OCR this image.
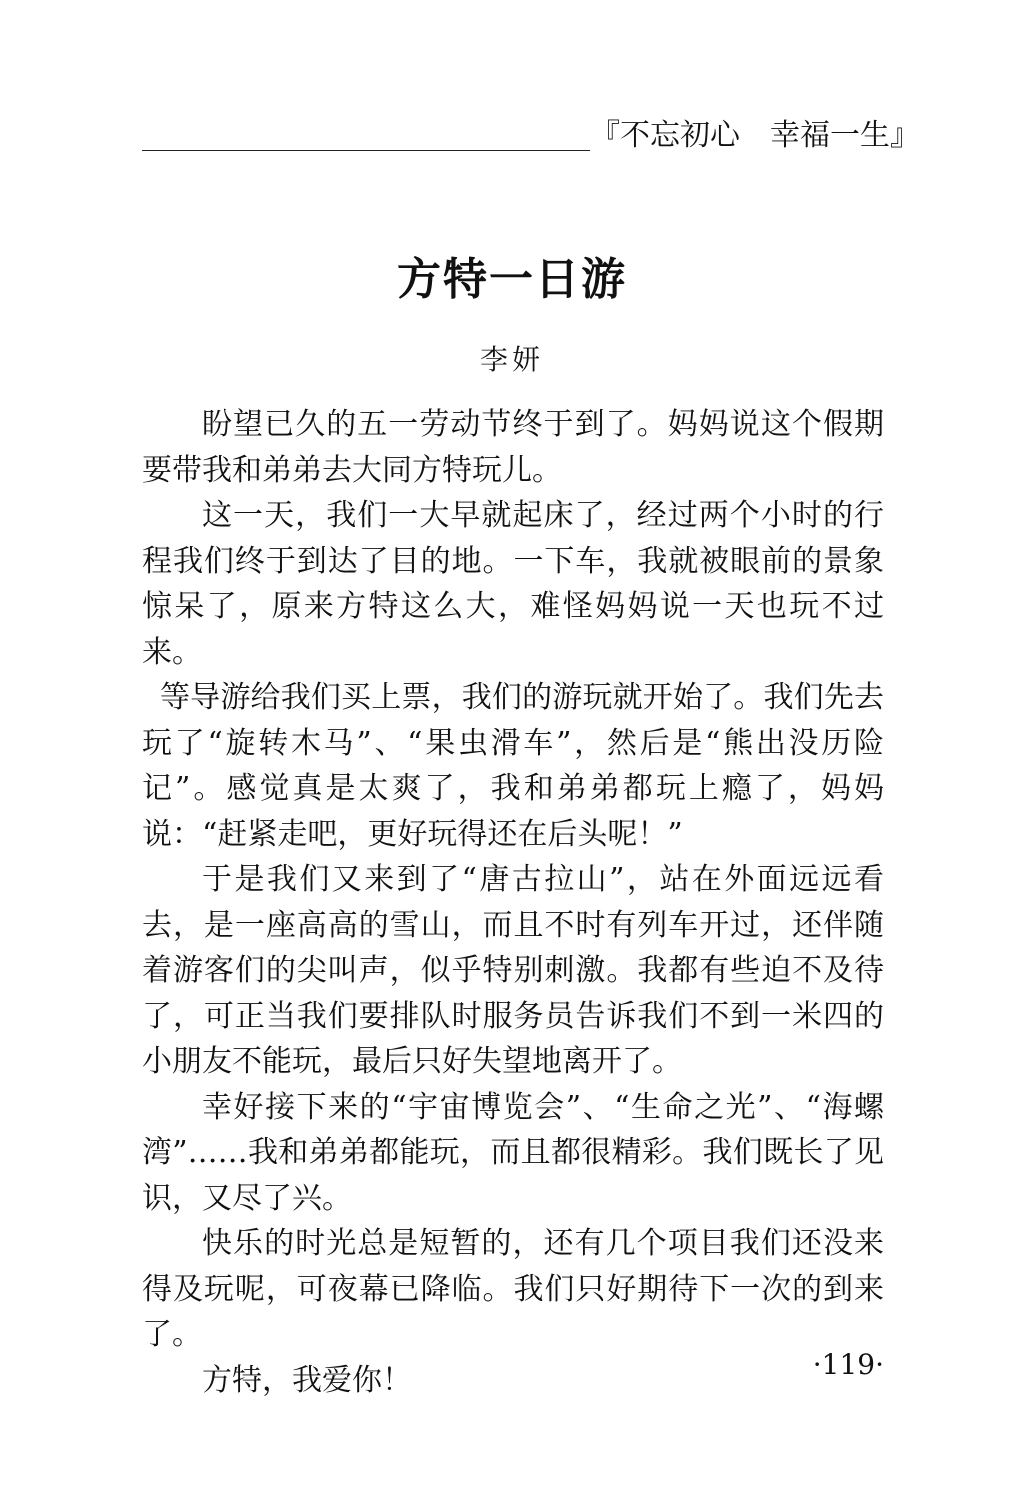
『不忘初心　幸福一生』
方特一日游
李妍

盼望已久的五一劳动节终于到了。妈妈说这个假期要带我和弟弟去大同方特玩儿。

这一天，我们一大早就起床了，经过两个小时的行程我们终于到达了目的地。一下车，我就被眼前的景象惊呆了，原来方特这么大，难怪妈妈说一天也玩不过来。

等导游给我们买上票，我们的游玩就开始了。我们先去玩了“旋转木马”、“果虫滑车”，然后是“熊出没历险记”。感觉真是太爽了，我和弟弟都玩上瘾了，妈妈说：“赶紧走吧，更好玩得还在后头呢！”

于是我们又来到了“唐古拉山”，站在外面远远看去，是一座高高的雪山，而且不时有列车开过，还伴随着游客们的尖叫声，似乎特别刺激。我都有些迫不及待了，可正当我们要排队时服务员告诉我们不到一米四的小朋友不能玩，最后只好失望地离开了。

幸好接下来的“宇宙博览会”、“生命之光”、“海螺湾”……我和弟弟都能玩，而且都很精彩。我们既长了见识，又尽了兴。

快乐的时光总是短暂的，还有几个项目我们还没来得及玩呢，可夜幕已降临。我们只好期待下一次的到来了。

方特，我爱你！	·119·
